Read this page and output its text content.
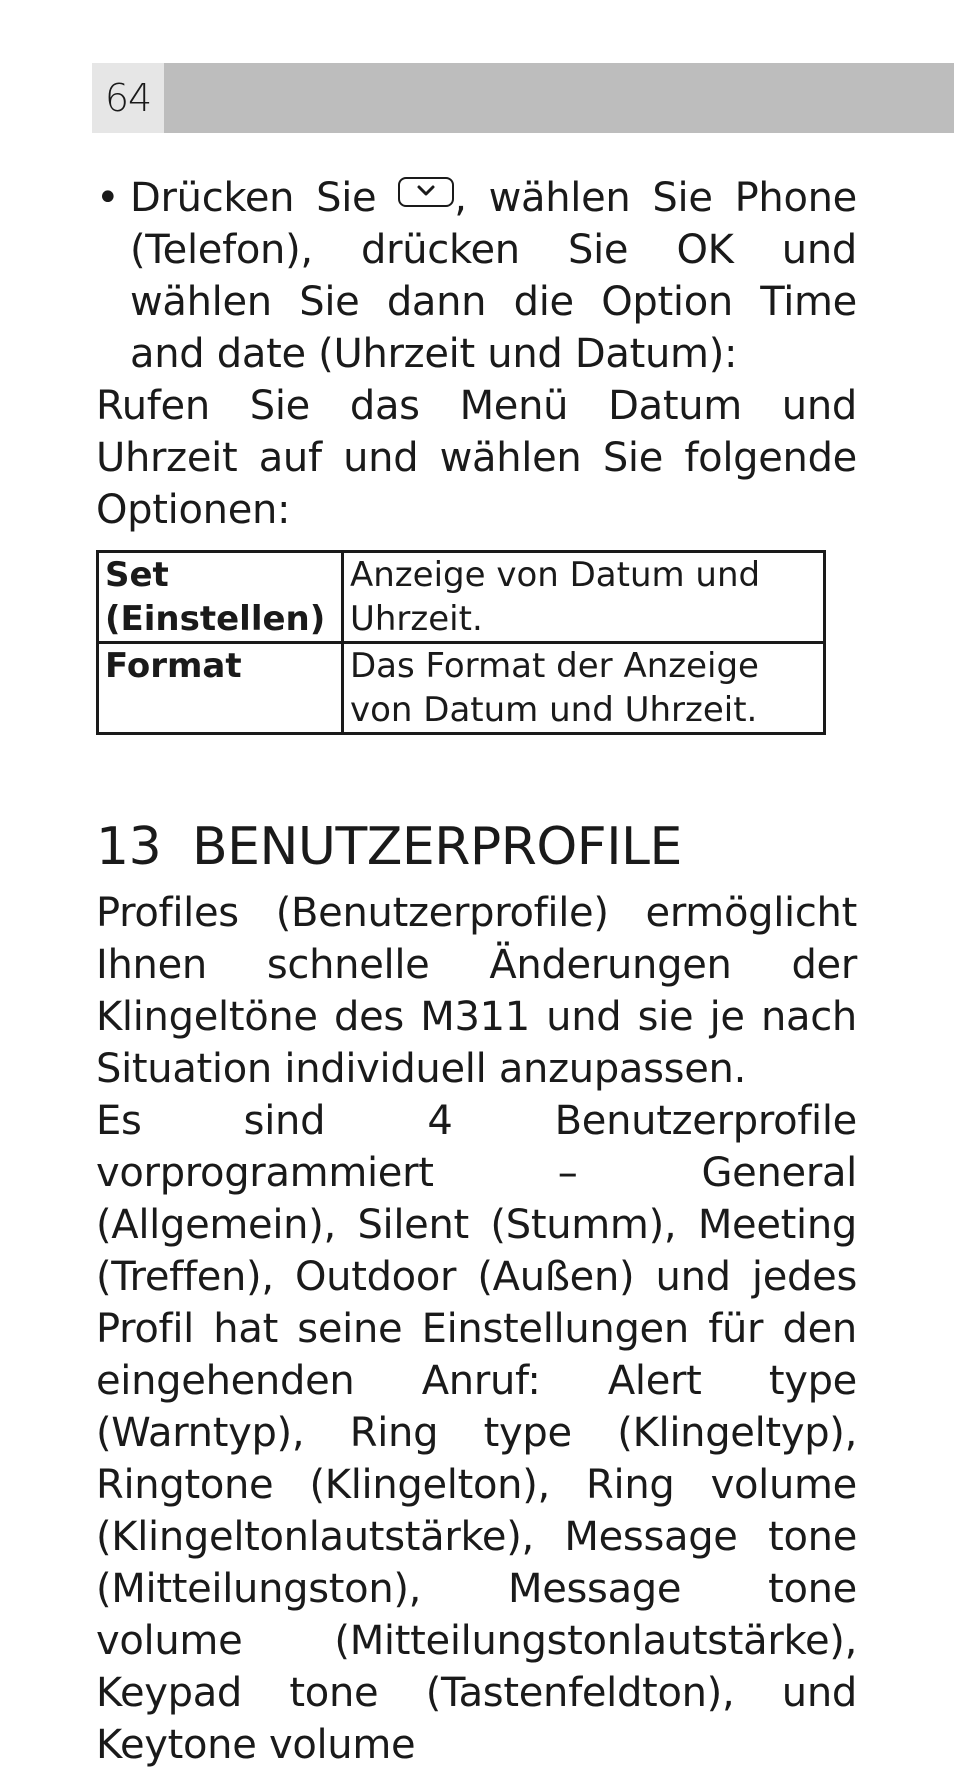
64

• Drücken Sie , wählen Sie Phone (Telefon), drücken Sie OK und wählen Sie dann die Option Time and date (Uhrzeit und Datum):

Rufen Sie das Menü Datum und Uhrzeit auf und wählen Sie folgende Optionen:

Set (Einstellen)	Anzeige von Datum und Uhrzeit.
Format	Das Format der Anzeige von Datum und Uhrzeit.
13 BENUTZERPROFILE

Profiles (Benutzerprofile) ermöglicht Ihnen schnelle Änderungen der Klingeltöne des M311 und sie je nach Situation individuell anzupassen.

Es sind 4 Benutzerprofile vorprogrammiert – General (Allgemein), Silent (Stumm), Meeting (Treffen), Outdoor (Außen) und jedes Profil hat seine Einstellungen für den eingehenden Anruf: Alert type (Warntyp), Ring type (Klingeltyp), Ringtone (Klingelton), Ring volume (Klingeltonlautstärke), Message tone (Mitteilungston), Message tone volume (Mitteilungstonlautstärke), Keypad tone (Tastenfeldton), und Keytone volume
